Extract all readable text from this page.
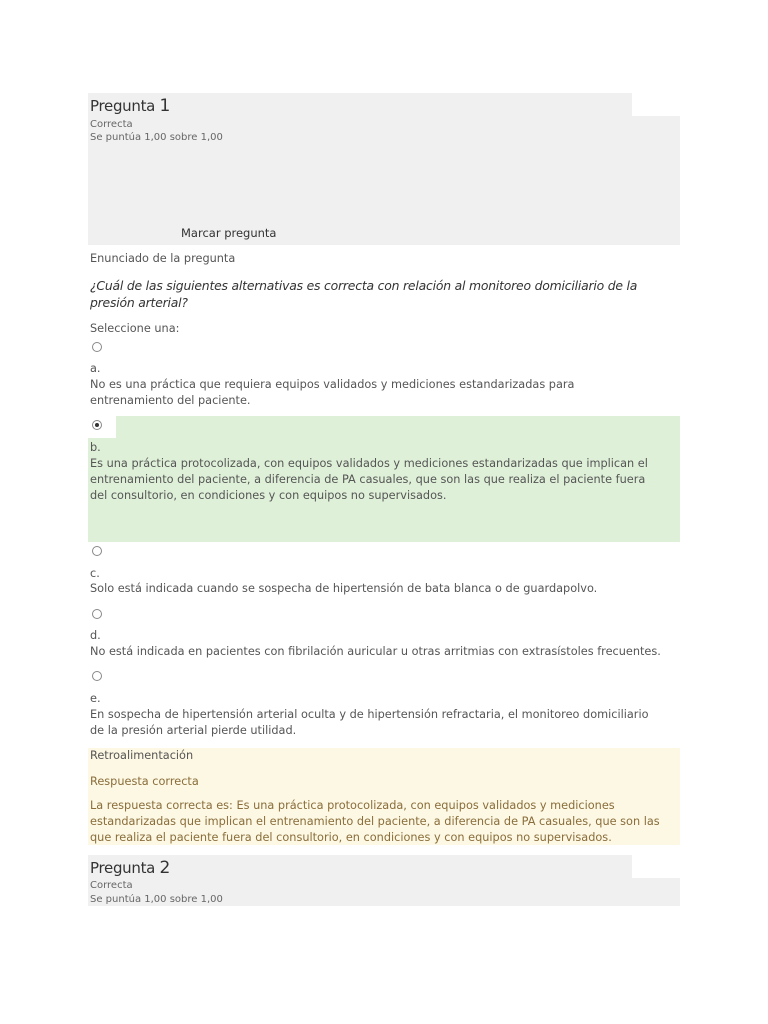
Pregunta 1
Correcta
Se puntúa 1,00 sobre 1,00
Marcar pregunta
Enunciado de la pregunta
¿Cuál de las siguientes alternativas es correcta con relación al monitoreo domiciliario de la presión arterial?
Seleccione una:
a.
No es una práctica que requiera equipos validados y mediciones estandarizadas para entrenamiento del paciente.
b.
Es una práctica protocolizada, con equipos validados y mediciones estandarizadas que implican el entrenamiento del paciente, a diferencia de PA casuales, que son las que realiza el paciente fuera del consultorio, en condiciones y con equipos no supervisados.
c.
Solo está indicada cuando se sospecha de hipertensión de bata blanca o de guardapolvo.
d.
No está indicada en pacientes con fibrilación auricular u otras arritmias con extrasístoles frecuentes.
e.
En sospecha de hipertensión arterial oculta y de hipertensión refractaria, el monitoreo domiciliario de la presión arterial pierde utilidad.
Retroalimentación
Respuesta correcta
La respuesta correcta es: Es una práctica protocolizada, con equipos validados y mediciones estandarizadas que implican el entrenamiento del paciente, a diferencia de PA casuales, que son las que realiza el paciente fuera del consultorio, en condiciones y con equipos no supervisados.
Pregunta 2
Correcta
Se puntúa 1,00 sobre 1,00
